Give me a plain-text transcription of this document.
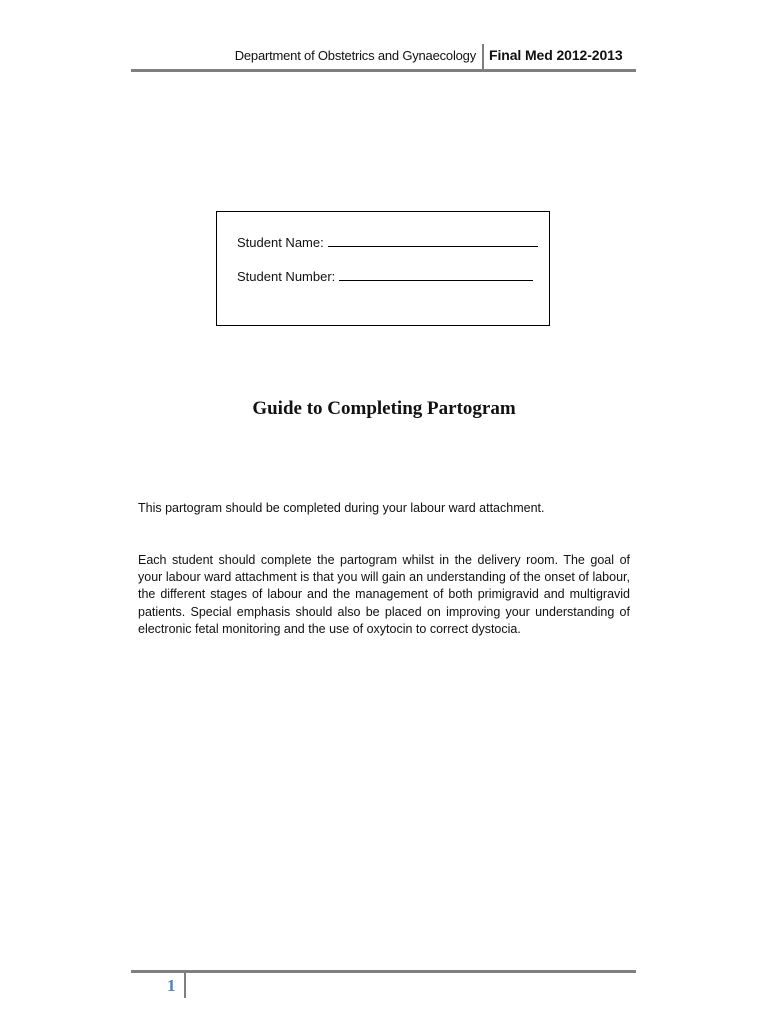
Department of Obstetrics and Gynaecology Final Med 2012-2013
Student Name:
Student Number:
Guide to Completing Partogram
This partogram should be completed during your labour ward attachment.
Each student should complete the partogram whilst in the delivery room. The goal of your labour ward attachment is that you will gain an understanding of the onset of labour, the different stages of labour and the management of both primigravid and multigravid patients. Special emphasis should also be placed on improving your understanding of electronic fetal monitoring and the use of oxytocin to correct dystocia.
1
